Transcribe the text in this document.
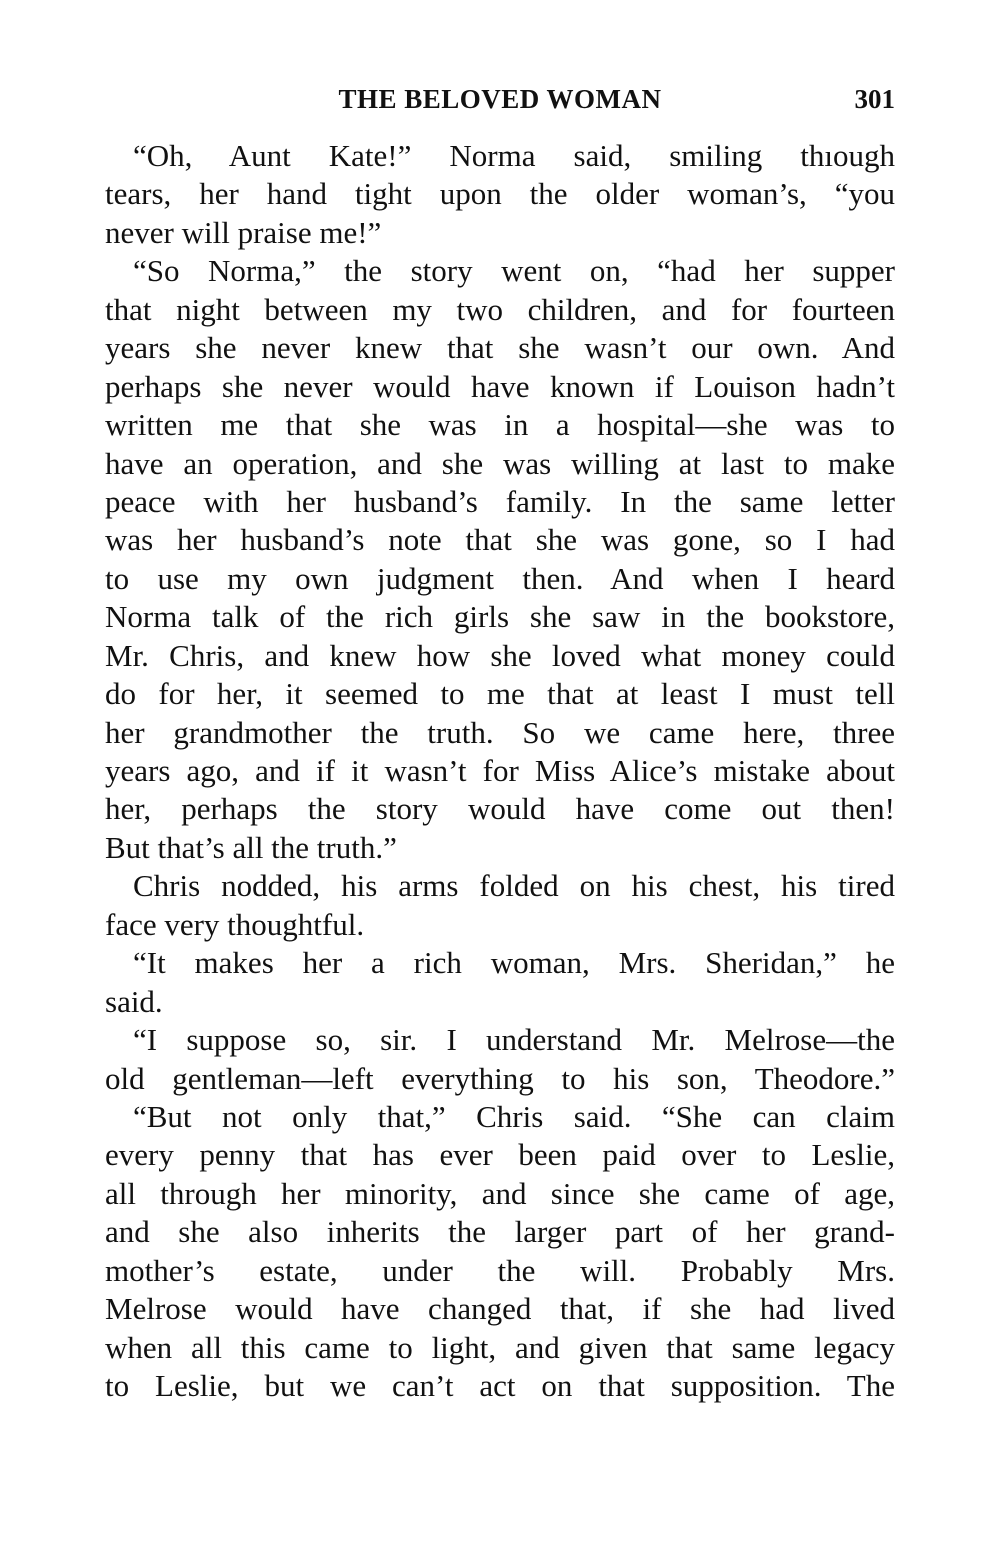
THE BELOVED WOMAN	301
“Oh, Aunt Kate!” Norma said, smiling thıough
tears, her hand tight upon the older woman’s, “you
never will praise me!”
“So Norma,” the story went on, “had her supper
that night between my two children, and for fourteen
years she never knew that she wasn’t our own. And
perhaps she never would have known if Louison hadn’t
written me that she was in a hospital—she was to
have an operation, and she was willing at last to make
peace with her husband’s family. In the same letter
was her husband’s note that she was gone, so I had
to use my own judgment then. And when I heard
Norma talk of the rich girls she saw in the bookstore,
Mr. Chris, and knew how she loved what money could
do for her, it seemed to me that at least I must tell
her grandmother the truth. So we came here, three
years ago, and if it wasn’t for Miss Alice’s mistake about
her, perhaps the story would have come out then!
But that’s all the truth.”
Chris nodded, his arms folded on his chest, his tired
face very thoughtful.
“It makes her a rich woman, Mrs. Sheridan,” he
said.
“I suppose so, sir. I understand Mr. Melrose—the
old gentleman—left everything to his son, Theodore.”
“But not only that,” Chris said. “She can claim
every penny that has ever been paid over to Leslie,
all through her minority, and since she came of age,
and she also inherits the larger part of her grand-
mother’s estate, under the will. Probably Mrs.
Melrose would have changed that, if she had lived
when all this came to light, and given that same legacy
to Leslie, but we can’t act on that supposition. The
